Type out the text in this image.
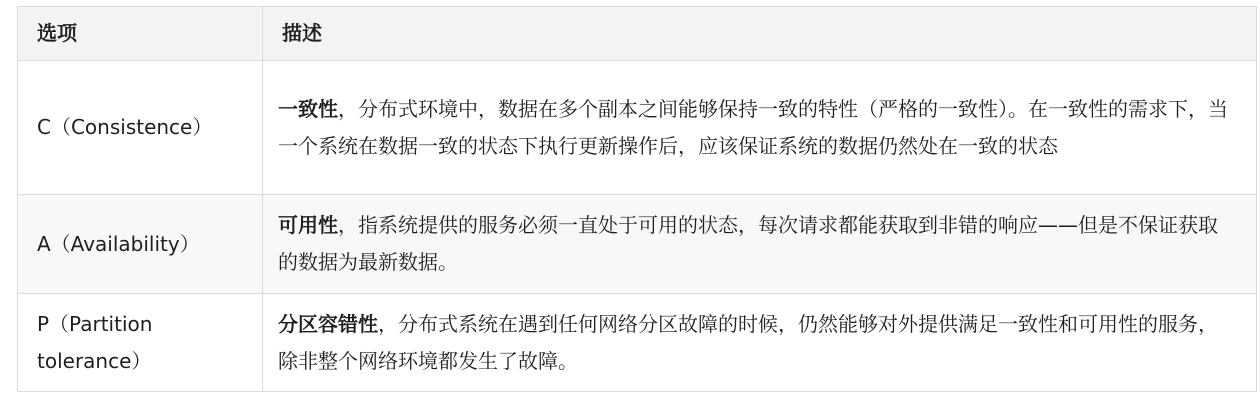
选项	描述
C（Consistence）	一致性，分布式环境中，数据在多个副本之间能够保持一致的特性（严格的一致性）。在一致性的需求下，当一个系统在数据一致的状态下执行更新操作后，应该保证系统的数据仍然处在一致的状态
A（Availability）	可用性，指系统提供的服务必须一直处于可用的状态，每次请求都能获取到非错的响应——但是不保证获取的数据为最新数据。
P（Partition tolerance）	分区容错性，分布式系统在遇到任何网络分区故障的时候，仍然能够对外提供满足一致性和可用性的服务，除非整个网络环境都发生了故障。
